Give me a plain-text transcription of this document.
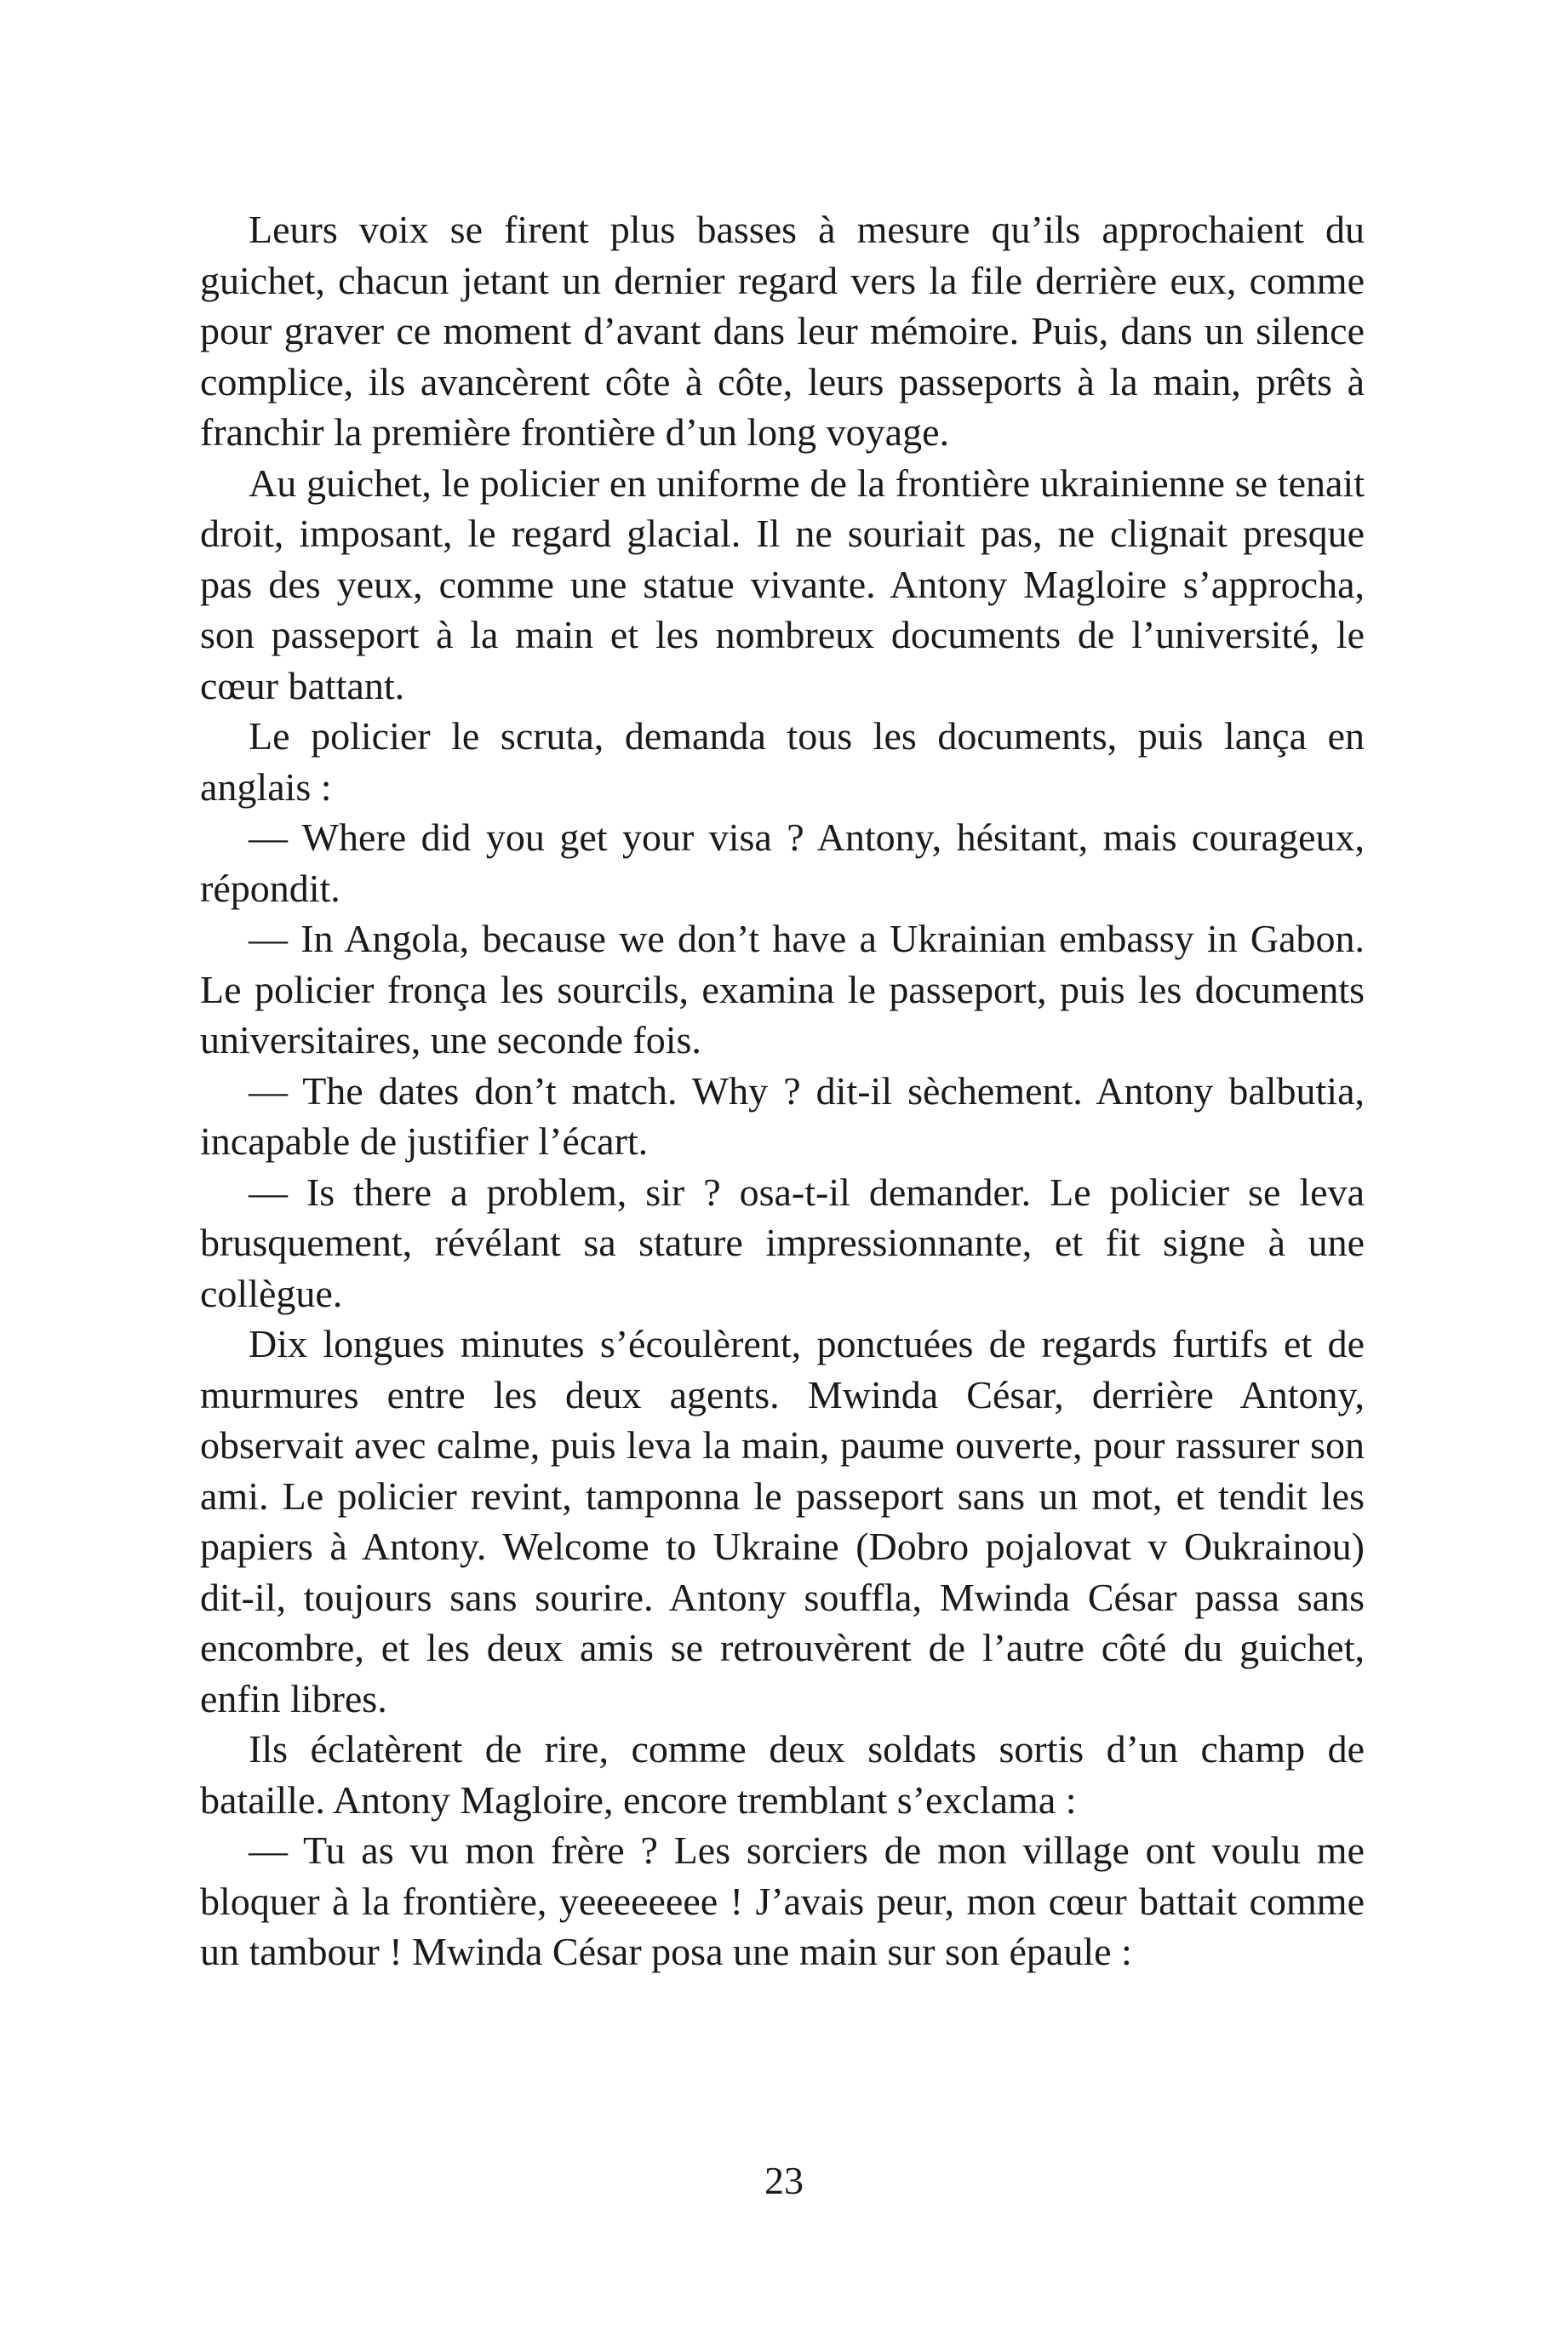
Leurs voix se firent plus basses à mesure qu’ils approchaient du guichet, chacun jetant un dernier regard vers la file derrière eux, comme pour graver ce moment d’avant dans leur mémoire. Puis, dans un silence complice, ils avancèrent côte à côte, leurs passeports à la main, prêts à franchir la première frontière d’un long voyage.

Au guichet, le policier en uniforme de la frontière ukrainienne se tenait droit, imposant, le regard glacial. Il ne souriait pas, ne clignait presque pas des yeux, comme une statue vivante. Antony Magloire s’approcha, son passeport à la main et les nombreux documents de l’université, le cœur battant.

Le policier le scruta, demanda tous les documents, puis lança en anglais :

— Where did you get your visa ? Antony, hésitant, mais courageux, répondit.

— In Angola, because we don’t have a Ukrainian embassy in Gabon. Le policier fronça les sourcils, examina le passeport, puis les documents universitaires, une seconde fois.

— The dates don’t match. Why ? dit-il sèchement. Antony balbutia, incapable de justifier l’écart.

— Is there a problem, sir ? osa-t-il demander. Le policier se leva brusquement, révélant sa stature impressionnante, et fit signe à une collègue.

Dix longues minutes s’écoulèrent, ponctuées de regards furtifs et de murmures entre les deux agents. Mwinda César, derrière Antony, observait avec calme, puis leva la main, paume ouverte, pour rassurer son ami. Le policier revint, tamponna le passeport sans un mot, et tendit les papiers à Antony. Welcome to Ukraine (Dobro pojalovat v Oukrainou) dit-il, toujours sans sourire. Antony souffla, Mwinda César passa sans encombre, et les deux amis se retrouvèrent de l’autre côté du guichet, enfin libres.

Ils éclatèrent de rire, comme deux soldats sortis d’un champ de bataille. Antony Magloire, encore tremblant s’exclama :

— Tu as vu mon frère ? Les sorciers de mon village ont voulu me bloquer à la frontière, yeeeeeeee ! J’avais peur, mon cœur battait comme un tambour ! Mwinda César posa une main sur son épaule :

23
